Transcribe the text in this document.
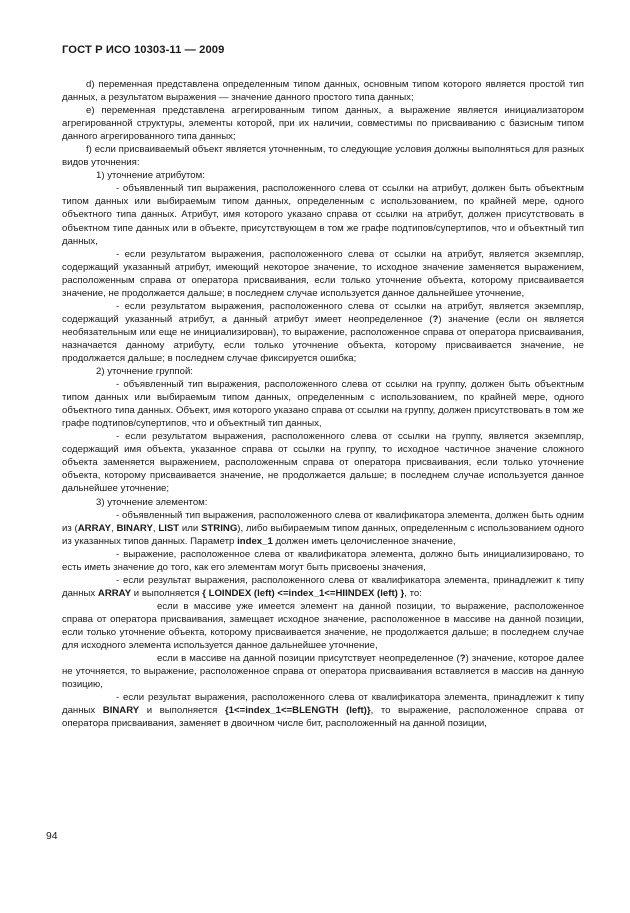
ГОСТ Р ИСО 10303-11 — 2009

d) переменная представлена определенным типом данных, основным типом которого является простой тип данных, а результатом выражения — значение данного простого типа данных;

e) переменная представлена агрегированным типом данных, а выражение является инициализатором агрегированной структуры, элементы которой, при их наличии, совместимы по присваиванию с базисным типом данного агрегированного типа данных;

f) если присваиваемый объект является уточненным, то следующие условия должны выполняться для разных видов уточнения:

1) уточнение атрибутом:

- объявленный тип выражения, расположенного слева от ссылки на атрибут, должен быть объектным типом данных или выбираемым типом данных, определенным с использованием, по крайней мере, одного объектного типа данных. Атрибут, имя которого указано справа от ссылки на атрибут, должен присутствовать в объектном типе данных или в объекте, присутствующем в том же графе подтипов/супертипов, что и объектный тип данных,

- если результатом выражения, расположенного слева от ссылки на атрибут, является экземпляр, содержащий указанный атрибут, имеющий некоторое значение, то исходное значение заменяется выражением, расположенным справа от оператора присваивания, если только уточнение объекта, которому присваивается значение, не продолжается дальше; в последнем случае используется данное дальнейшее уточнение,

- если результатом выражения, расположенного слева от ссылки на атрибут, является экземпляр, содержащий указанный атрибут, а данный атрибут имеет неопределенное (?) значение (если он является необязательным или еще не инициализирован), то выражение, расположенное справа от оператора присваивания, назначается данному атрибуту, если только уточнение объекта, которому присваивается значение, не продолжается дальше; в последнем случае фиксируется ошибка;

2) уточнение группой:

- объявленный тип выражения, расположенного слева от ссылки на группу, должен быть объектным типом данных или выбираемым типом данных, определенным с использованием, по крайней мере, одного объектного типа данных. Объект, имя которого указано справа от ссылки на группу, должен присутствовать в том же графе подтипов/супертипов, что и объектный тип данных,

- если результатом выражения, расположенного слева от ссылки на группу, является экземпляр, содержащий имя объекта, указанное справа от ссылки на группу, то исходное частичное значение сложного объекта заменяется выражением, расположенным справа от оператора присваивания, если только уточнение объекта, которому присваивается значение, не продолжается дальше; в последнем случае используется данное дальнейшее уточнение;

3) уточнение элементом:

- объявленный тип выражения, расположенного слева от квалификатора элемента, должен быть одним из (ARRAY, BINARY, LIST или STRING), либо выбираемым типом данных, определенным с использованием одного из указанных типов данных. Параметр index_1 должен иметь целочисленное значение,

- выражение, расположенное слева от квалификатора элемента, должно быть инициализировано, то есть иметь значение до того, как его элементам могут быть присвоены значения,

- если результат выражения, расположенного слева от квалификатора элемента, принадлежит к типу данных ARRAY и выполняется { LOINDEX (left) <=index_1<=HIINDEX (left) }, то:

если в массиве уже имеется элемент на данной позиции, то выражение, расположенное справа от оператора присваивания, замещает исходное значение, расположенное в массиве на данной позиции, если только уточнение объекта, которому присваивается значение, не продолжается дальше; в последнем случае для исходного элемента используется данное дальнейшее уточнение,

если в массиве на данной позиции присутствует неопределенное (?) значение, которое далее не уточняется, то выражение, расположенное справа от оператора присваивания вставляется в массив на данную позицию,

- если результат выражения, расположенного слева от квалификатора элемента, принадлежит к типу данных BINARY и выполняется {1<=index_1<=BLENGTH (left)}, то выражение, расположенное справа от оператора присваивания, заменяет в двоичном числе бит, расположенный на данной позиции,

94
